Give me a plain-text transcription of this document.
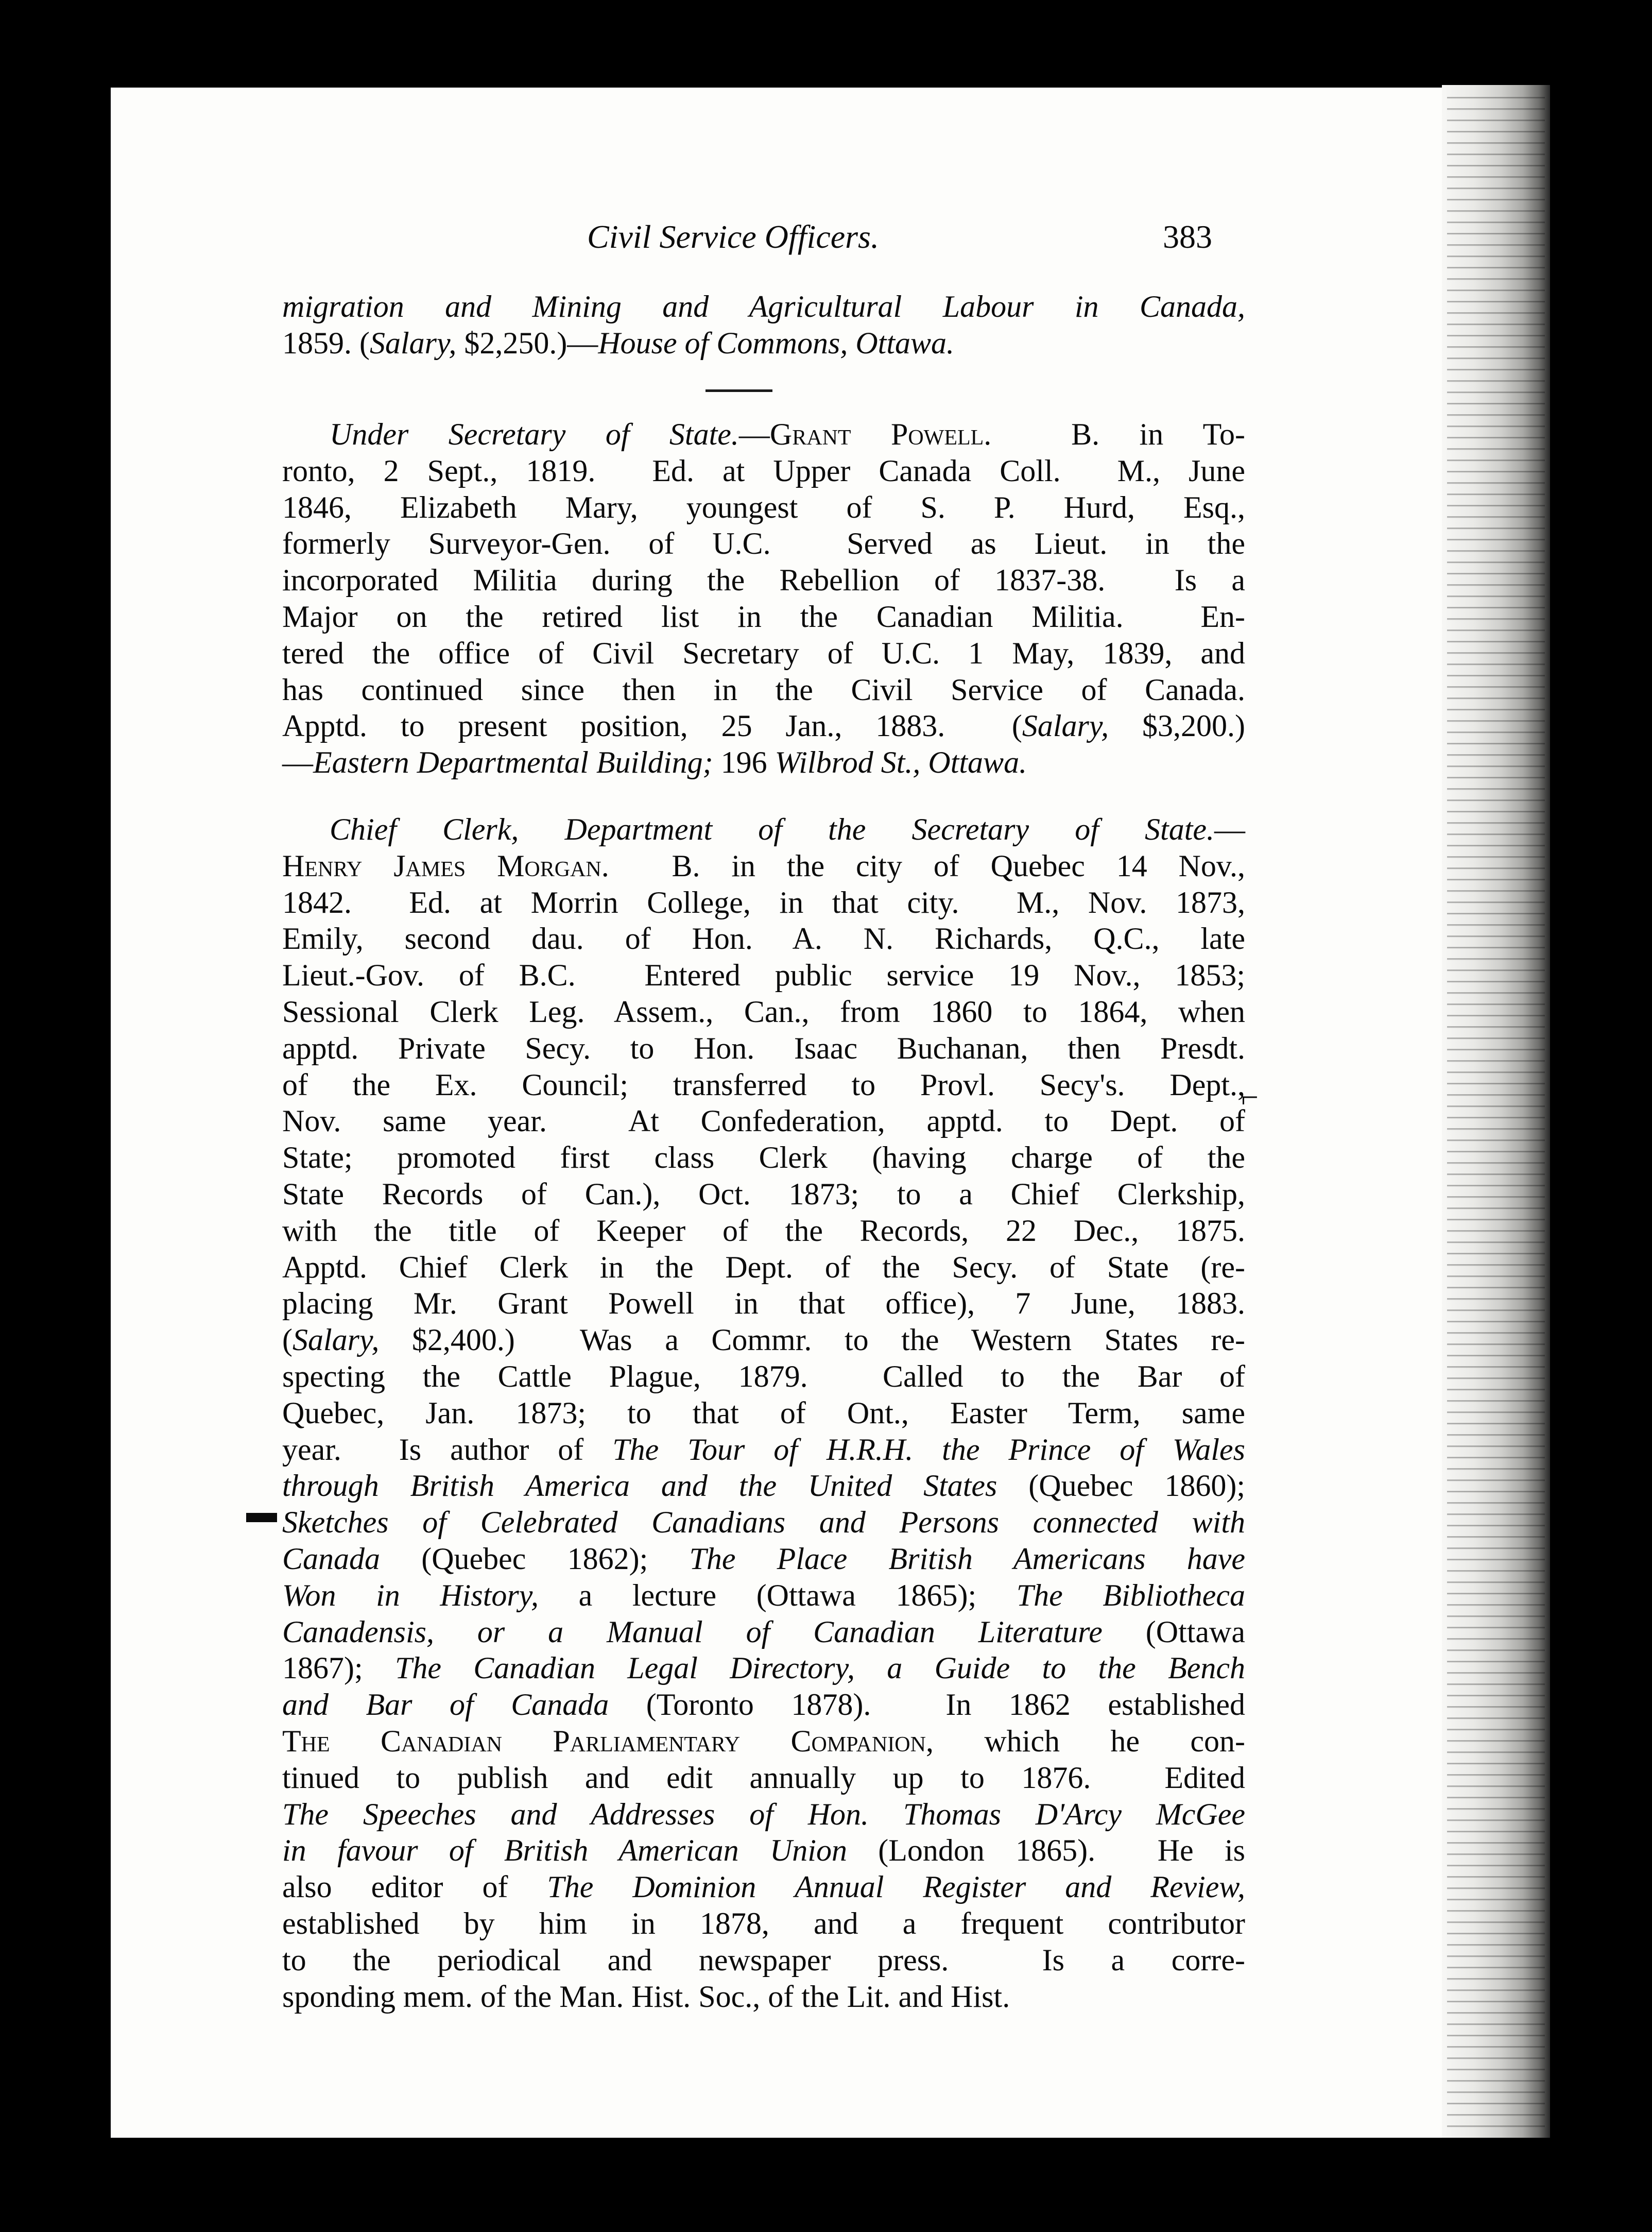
Civil Service Officers.	383
migration and Mining and Agricultural Labour in Canada,
1859. (Salary, $2,250.)—House of Commons, Ottawa.
Under Secretary of State.—Grant Powell.  B. in To-
ronto, 2 Sept., 1819.  Ed. at Upper Canada Coll.  M., June
1846, Elizabeth Mary, youngest of S. P. Hurd, Esq.,
formerly Surveyor-Gen. of U.C.  Served as Lieut. in the
incorporated Militia during the Rebellion of 1837-38.  Is a
Major on the retired list in the Canadian Militia.  En-
tered the office of Civil Secretary of U.C. 1 May, 1839, and
has continued since then in the Civil Service of Canada.
Apptd. to present position, 25 Jan., 1883.  (Salary, $3,200.)
—Eastern Departmental Building; 196 Wilbrod St., Ottawa.
Chief Clerk, Department of the Secretary of State.—
Henry James Morgan.  B. in the city of Quebec 14 Nov.,
1842.  Ed. at Morrin College, in that city.  M., Nov. 1873,
Emily, second dau. of Hon. A. N. Richards, Q.C., late
Lieut.-Gov. of B.C.  Entered public service 19 Nov., 1853;
Sessional Clerk Leg. Assem., Can., from 1860 to 1864, when
apptd. Private Secy. to Hon. Isaac Buchanan, then Presdt.
of the Ex. Council; transferred to Provl. Secy's. Dept.,
Nov. same year.  At Confederation, apptd. to Dept. of
State; promoted first class Clerk (having charge of the
State Records of Can.), Oct. 1873; to a Chief Clerkship,
with the title of Keeper of the Records, 22 Dec., 1875.
Apptd. Chief Clerk in the Dept. of the Secy. of State (re-
placing Mr. Grant Powell in that office), 7 June, 1883.
(Salary, $2,400.)  Was a Commr. to the Western States re-
specting the Cattle Plague, 1879.  Called to the Bar of
Quebec, Jan. 1873; to that of Ont., Easter Term, same
year.  Is author of The Tour of H.R.H. the Prince of Wales
through British America and the United States (Quebec 1860);
Sketches of Celebrated Canadians and Persons connected with
Canada (Quebec 1862); The Place British Americans have
Won in History, a lecture (Ottawa 1865); The Bibliotheca
Canadensis, or a Manual of Canadian Literature (Ottawa
1867); The Canadian Legal Directory, a Guide to the Bench
and Bar of Canada (Toronto 1878).  In 1862 established
The Canadian Parliamentary Companion, which he con-
tinued to publish and edit annually up to 1876.  Edited
The Speeches and Addresses of Hon. Thomas D'Arcy McGee
in favour of British American Union (London 1865).  He is
also editor of The Dominion Annual Register and Review,
established by him in 1878, and a frequent contributor
to the periodical and newspaper press.  Is a corre-
sponding mem. of the Man. Hist. Soc., of the Lit. and Hist.
▬
⌐
